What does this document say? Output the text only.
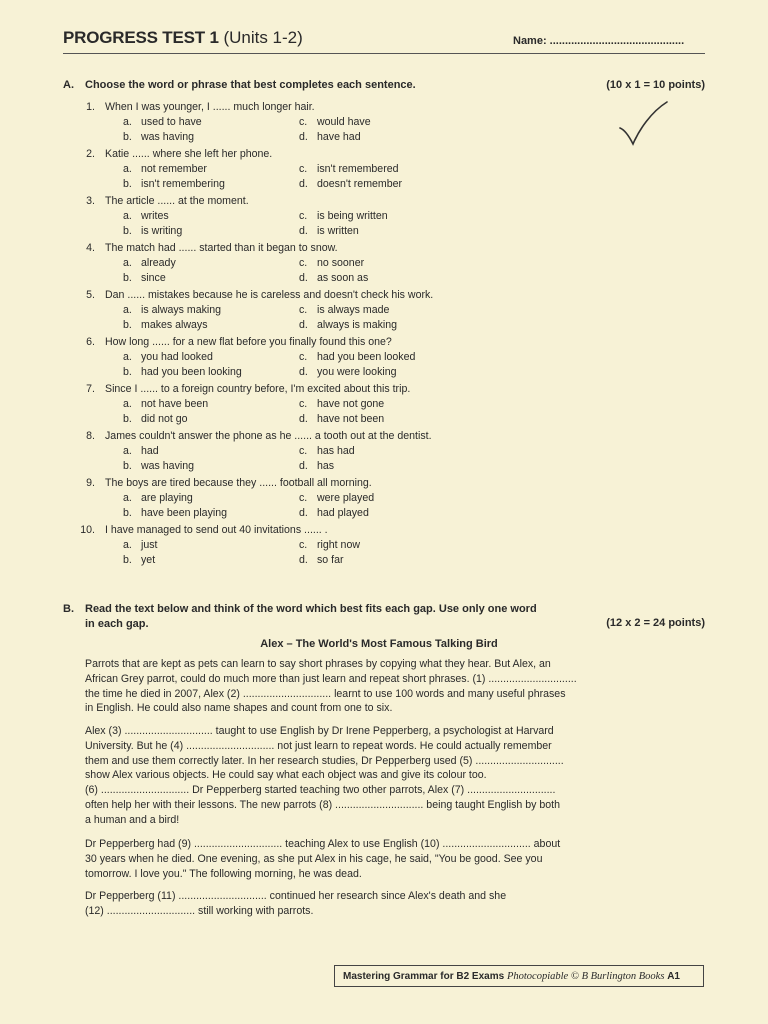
PROGRESS TEST 1 (Units 1-2)	Name: ............................................
A. Choose the word or phrase that best completes each sentence.	(10 x 1 = 10 points)
1. When I was younger, I ...... much longer hair.
a. used to have
b. was having
c. would have
d. have had
2. Katie ...... where she left her phone.
a. not remember
b. isn't remembering
c. isn't remembered
d. doesn't remember
3. The article ...... at the moment.
a. writes
b. is writing
c. is being written
d. is written
4. The match had ...... started than it began to snow.
a. already
b. since
c. no sooner
d. as soon as
5. Dan ...... mistakes because he is careless and doesn't check his work.
a. is always making
b. makes always
c. is always made
d. always is making
6. How long ...... for a new flat before you finally found this one?
a. you had looked
b. had you been looking
c. had you been looked
d. you were looking
7. Since I ...... to a foreign country before, I'm excited about this trip.
a. not have been
b. did not go
c. have not gone
d. have not been
8. James couldn't answer the phone as he ...... a tooth out at the dentist.
a. had
b. was having
c. has had
d. has
9. The boys are tired because they ...... football all morning.
a. are playing
b. have been playing
c. were played
d. had played
10. I have managed to send out 40 invitations ...... .
a. just
b. yet
c. right now
d. so far
B. Read the text below and think of the word which best fits each gap. Use only one word
in each gap.	(12 x 2 = 24 points)
Alex – The World's Most Famous Talking Bird
Parrots that are kept as pets can learn to say short phrases by copying what they hear. But Alex, an
African Grey parrot, could do much more than just learn and repeat short phrases. (1) ..............................
the time he died in 2007, Alex (2) .............................. learnt to use 100 words and many useful phrases
in English. He could also name shapes and count from one to six.
Alex (3) .............................. taught to use English by Dr Irene Pepperberg, a psychologist at Harvard
University. But he (4) .............................. not just learn to repeat words. He could actually remember
them and use them correctly later. In her research studies, Dr Pepperberg used (5) ..............................
show Alex various objects. He could say what each object was and give its colour too.
(6) .............................. Dr Pepperberg started teaching two other parrots, Alex (7) ..............................
often help her with their lessons. The new parrots (8) .............................. being taught English by both
a human and a bird!
Dr Pepperberg had (9) .............................. teaching Alex to use English (10) .............................. about
30 years when he died. One evening, as she put Alex in his cage, he said, "You be good. See you
tomorrow. I love you." The following morning, he was dead.
Dr Pepperberg (11) .............................. continued her research since Alex's death and she
(12) .............................. still working with parrots.
Mastering Grammar for B2 Exams Photocopiable © B Burlington Books A1
